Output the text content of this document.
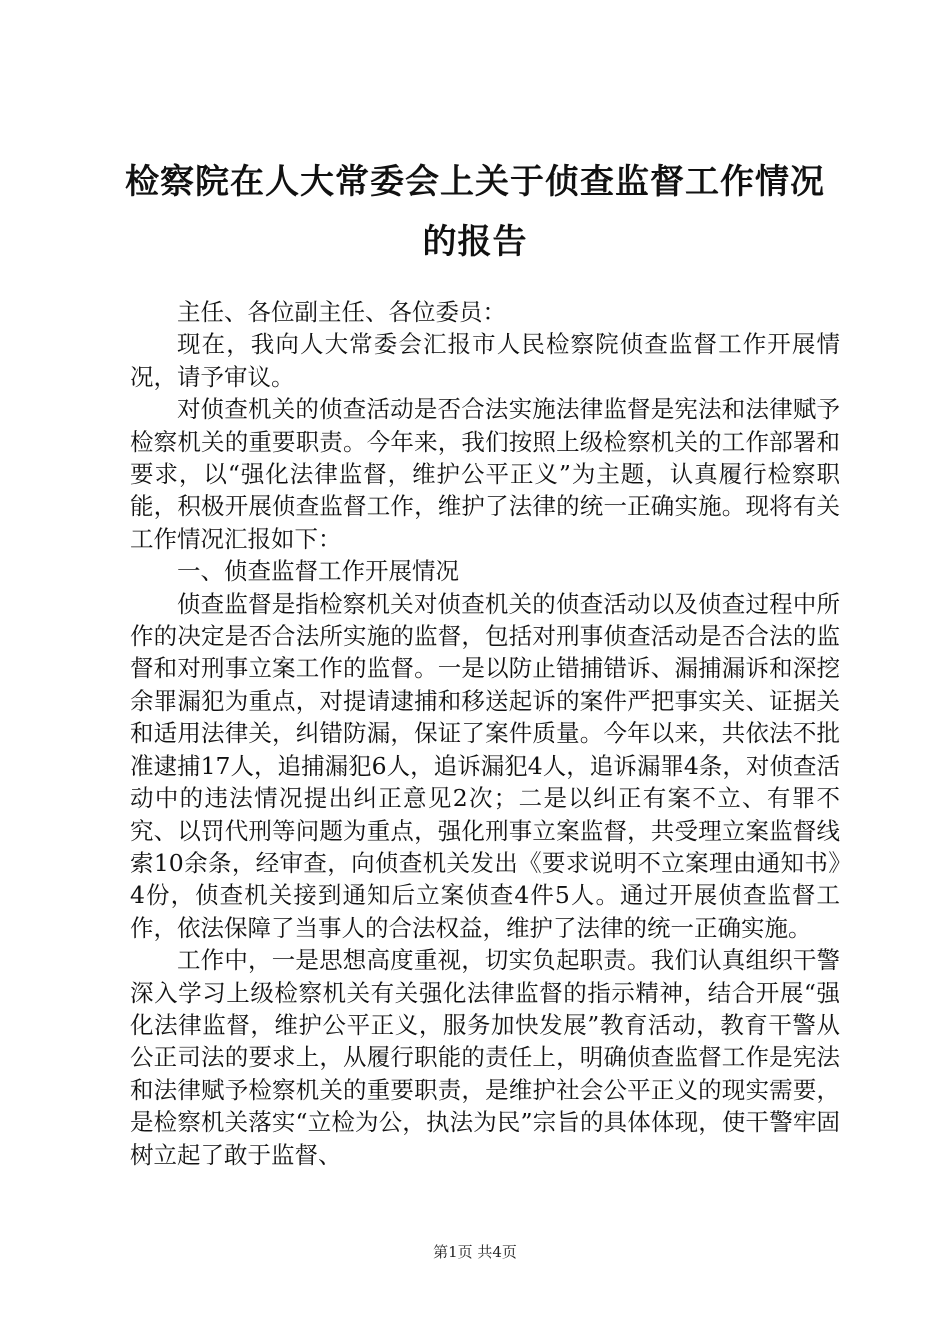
检察院在人大常委会上关于侦查监督工作情况
的报告

主任、各位副主任、各位委员：

现在，我向人大常委会汇报市人民检察院侦查监督工作开展情况，请予审议。

对侦查机关的侦查活动是否合法实施法律监督是宪法和法律赋予检察机关的重要职责。今年来，我们按照上级检察机关的工作部署和要求，以“强化法律监督，维护公平正义”为主题，认真履行检察职能，积极开展侦查监督工作，维护了法律的统一正确实施。现将有关工作情况汇报如下：

一、侦查监督工作开展情况

侦查监督是指检察机关对侦查机关的侦查活动以及侦查过程中所作的决定是否合法所实施的监督，包括对刑事侦查活动是否合法的监督和对刑事立案工作的监督。一是以防止错捕错诉、漏捕漏诉和深挖余罪漏犯为重点，对提请逮捕和移送起诉的案件严把事实关、证据关和适用法律关，纠错防漏，保证了案件质量。今年以来，共依法不批准逮捕17人，追捕漏犯6人，追诉漏犯4人，追诉漏罪4条，对侦查活动中的违法情况提出纠正意见2次；二是以纠正有案不立、有罪不究、以罚代刑等问题为重点，强化刑事立案监督，共受理立案监督线索10余条，经审查，向侦查机关发出《要求说明不立案理由通知书》4份，侦查机关接到通知后立案侦查4件5人。通过开展侦查监督工作，依法保障了当事人的合法权益，维护了法律的统一正确实施。

工作中，一是思想高度重视，切实负起职责。我们认真组织干警深入学习上级检察机关有关强化法律监督的指示精神，结合开展“强化法律监督，维护公平正义，服务加快发展”教育活动，教育干警从公正司法的要求上，从履行职能的责任上，明确侦查监督工作是宪法和法律赋予检察机关的重要职责，是维护社会公平正义的现实需要，是检察机关落实“立检为公，执法为民”宗旨的具体体现，使干警牢固树立起了敢于监督、

第1页 共4页
